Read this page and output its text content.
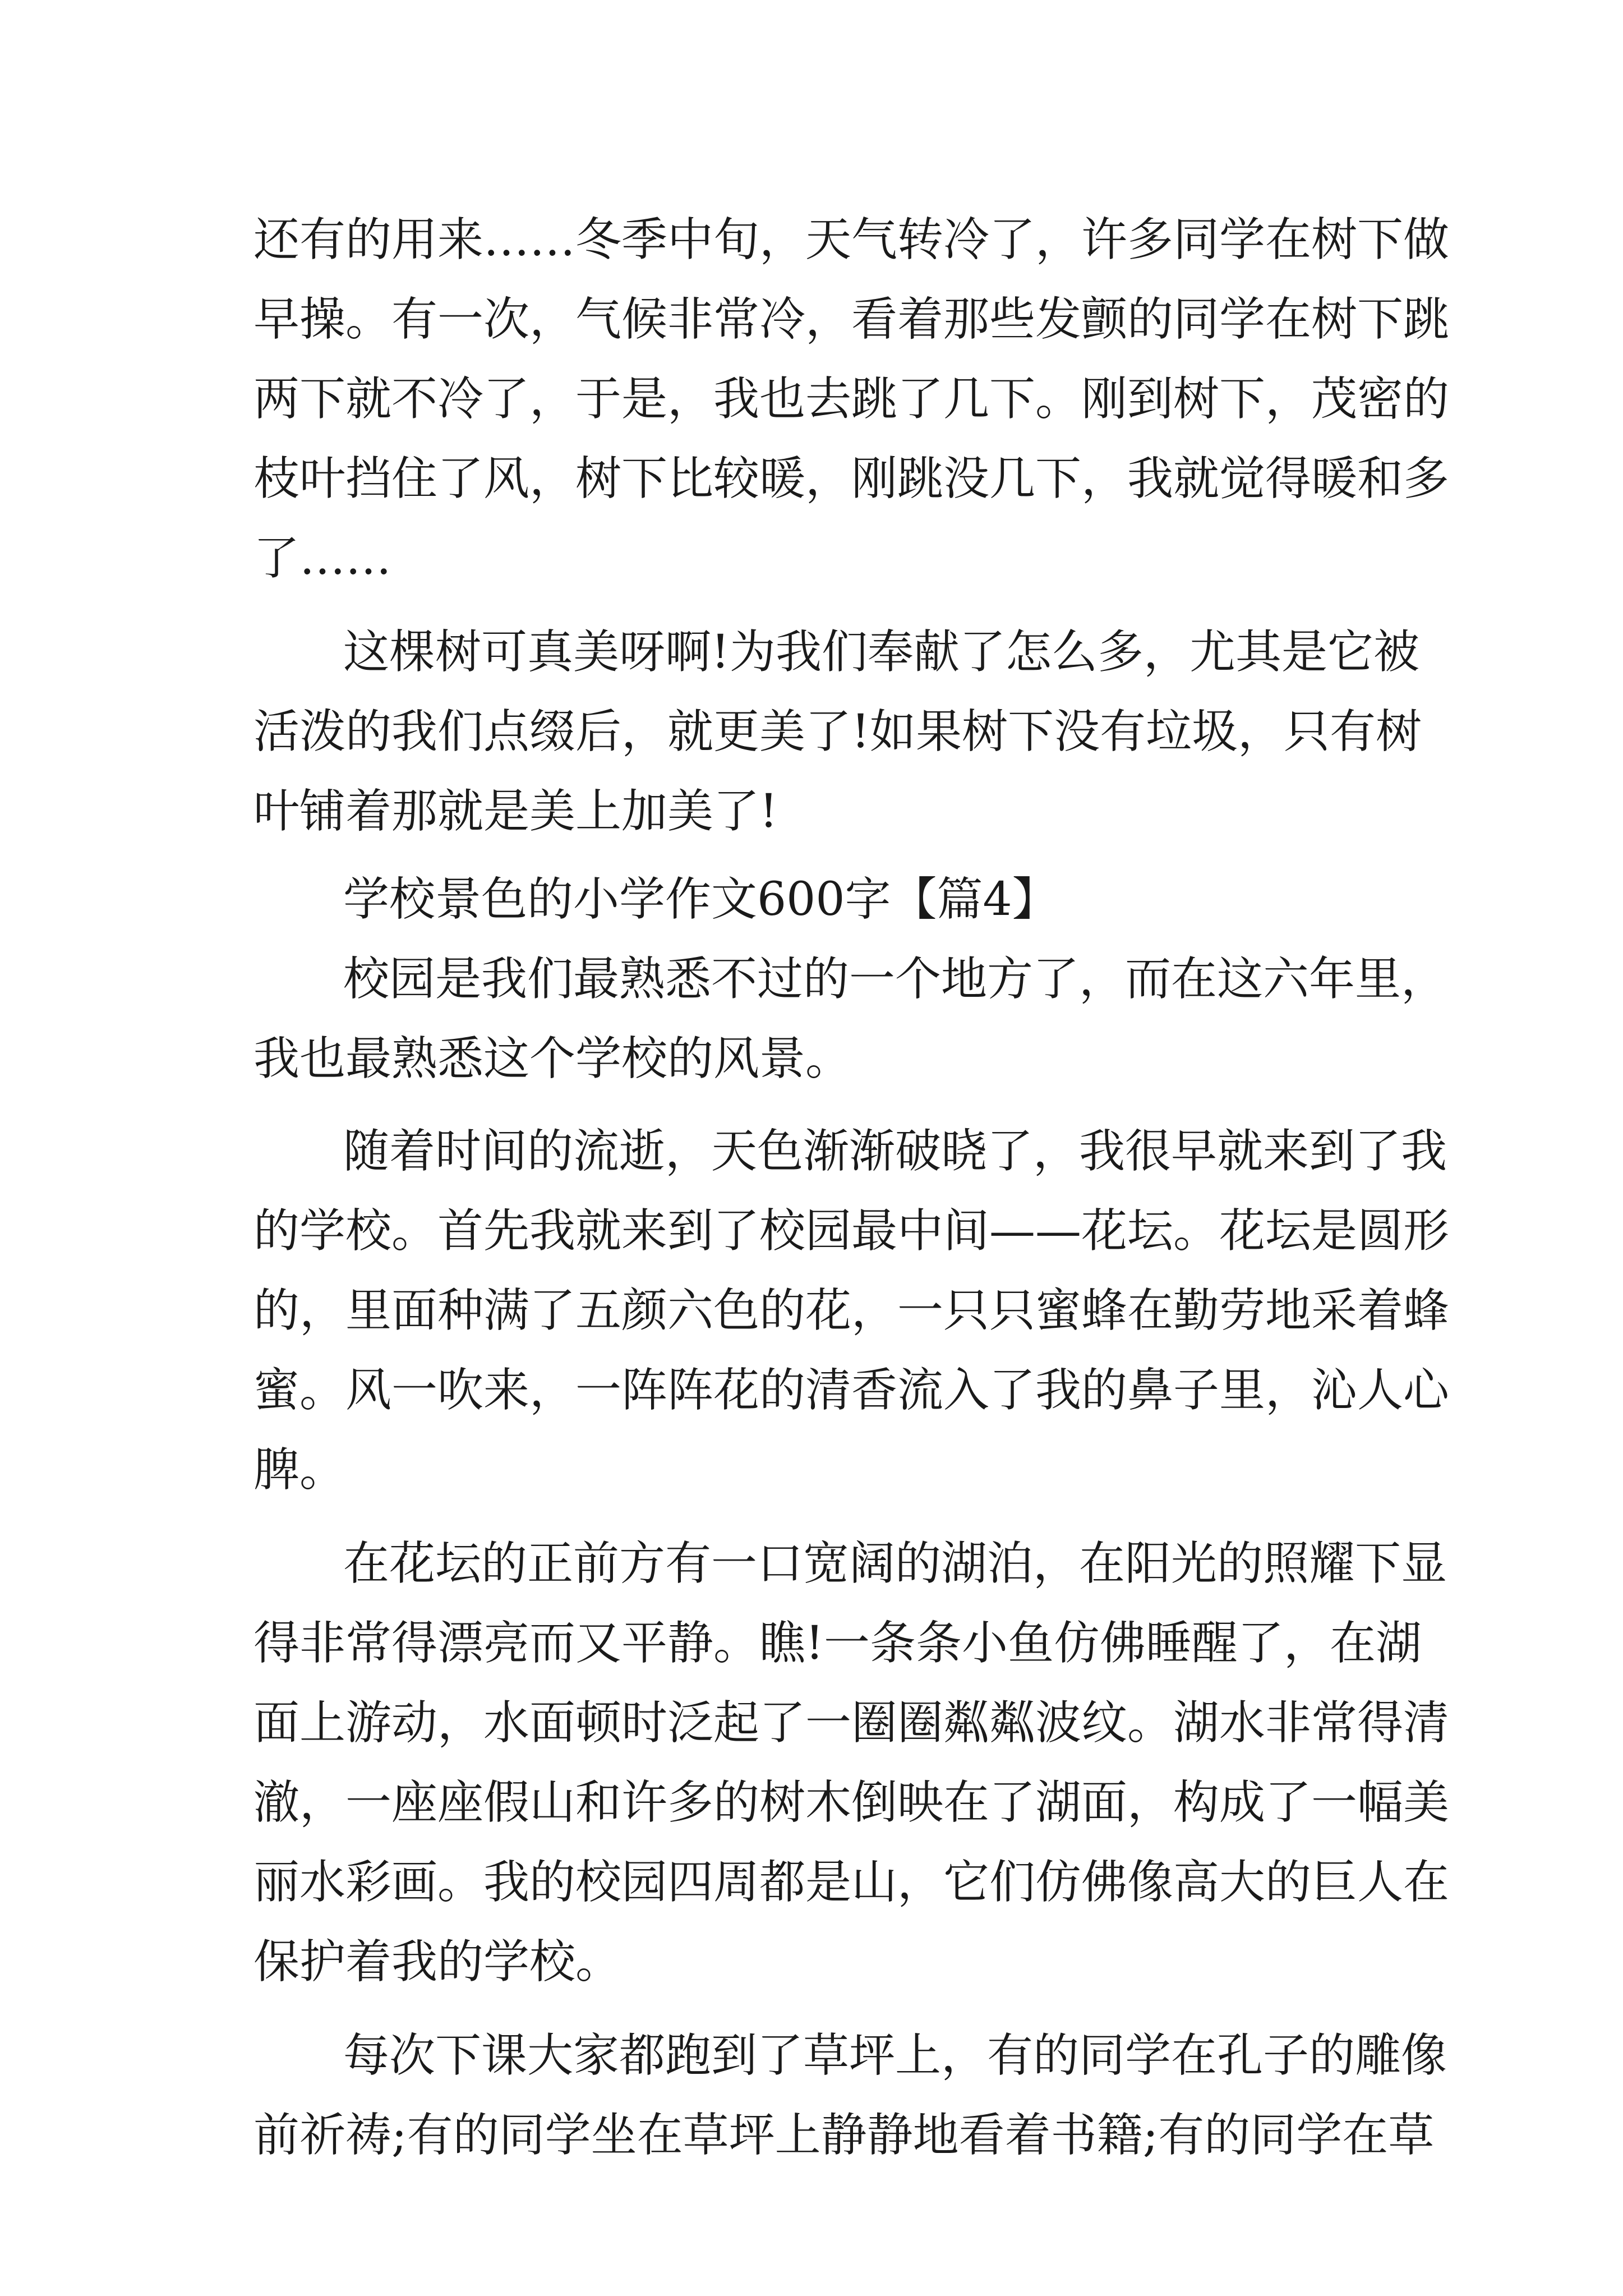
还有的用来……冬季中旬，天气转冷了，许多同学在树下做
早操。有一次，气候非常冷，看着那些发颤的同学在树下跳
两下就不冷了，于是，我也去跳了几下。刚到树下，茂密的
枝叶挡住了风，树下比较暖，刚跳没几下，我就觉得暖和多
了……
这棵树可真美呀啊!为我们奉献了怎么多，尤其是它被
活泼的我们点缀后，就更美了!如果树下没有垃圾，只有树
叶铺着那就是美上加美了!
学校景色的小学作文600字【篇4】
校园是我们最熟悉不过的一个地方了，而在这六年里，
我也最熟悉这个学校的风景。
随着时间的流逝，天色渐渐破晓了，我很早就来到了我
的学校。首先我就来到了校园最中间——花坛。花坛是圆形
的，里面种满了五颜六色的花，一只只蜜蜂在勤劳地采着蜂
蜜。风一吹来，一阵阵花的清香流入了我的鼻子里，沁人心
脾。
在花坛的正前方有一口宽阔的湖泊，在阳光的照耀下显
得非常得漂亮而又平静。瞧!一条条小鱼仿佛睡醒了，在湖
面上游动，水面顿时泛起了一圈圈粼粼波纹。湖水非常得清
澈，一座座假山和许多的树木倒映在了湖面，构成了一幅美
丽水彩画。我的校园四周都是山，它们仿佛像高大的巨人在
保护着我的学校。
每次下课大家都跑到了草坪上，有的同学在孔子的雕像
前祈祷;有的同学坐在草坪上静静地看着书籍;有的同学在草
